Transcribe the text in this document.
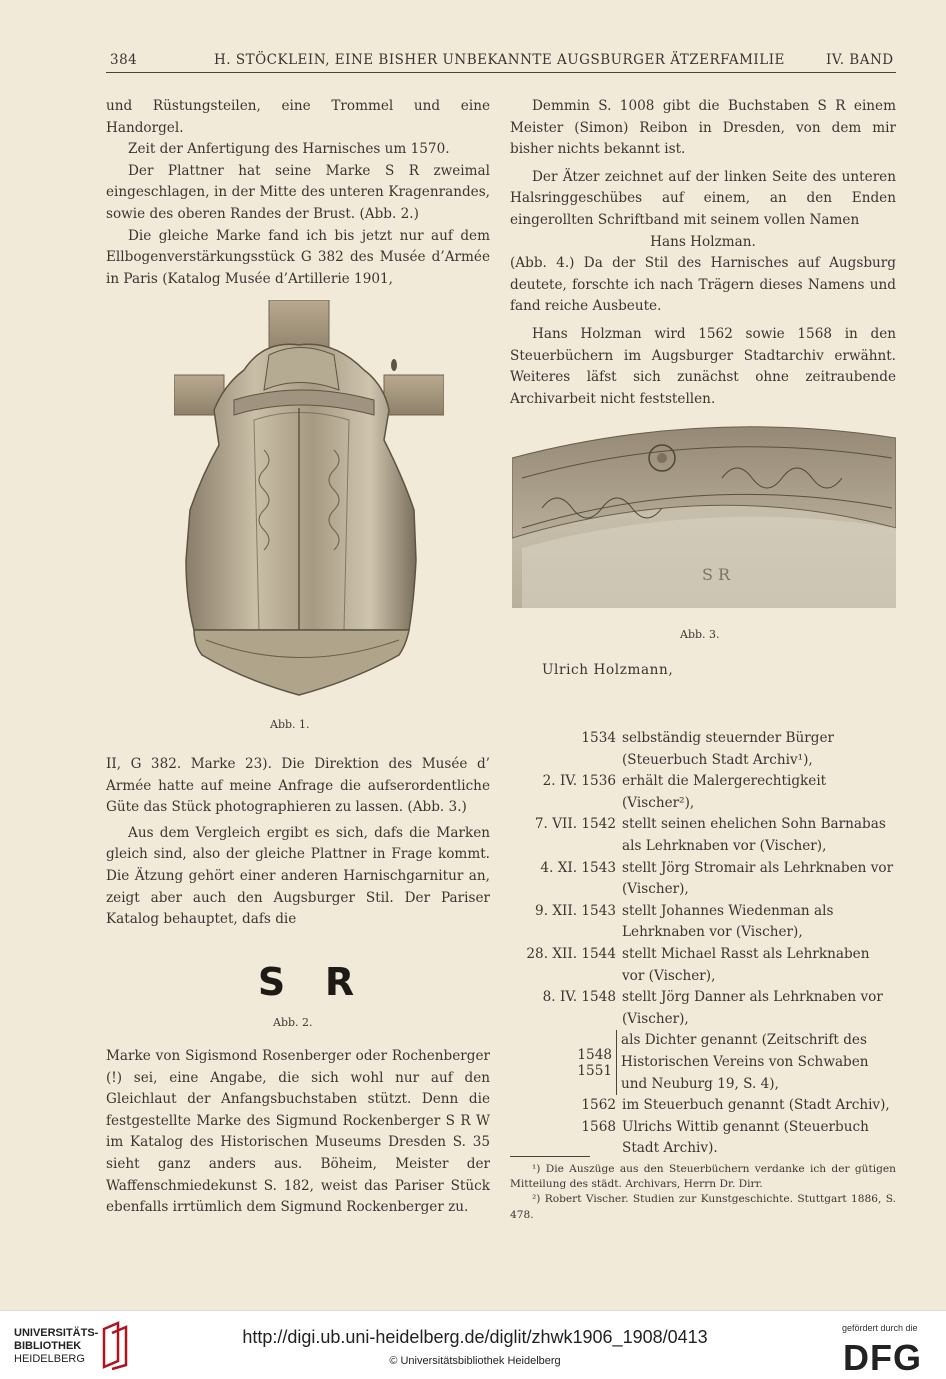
384	H. STÖCKLEIN, EINE BISHER UNBEKANNTE AUGSBURGER ÄTZERFAMILIE	IV. BAND

und Rüstungsteilen, eine Trommel und eine Handorgel.

Zeit der Anfertigung des Harnisches um 1570.

Der Plattner hat seine Marke S R zweimal eingeschlagen, in der Mitte des unteren Kragenrandes, sowie des oberen Randes der Brust. (Abb. 2.)

Die gleiche Marke fand ich bis jetzt nur auf dem Ellbogenverstärkungsstück G 382 des Musée d’Armée in Paris (Katalog Musée d’Artillerie 1901,

Abb. 1.

II, G 382. Marke 23). Die Direktion des Musée d’ Armée hatte auf meine Anfrage die aufserordentliche Güte das Stück photographieren zu lassen. (Abb. 3.)

Aus dem Vergleich ergibt es sich, dafs die Marken gleich sind, also der gleiche Plattner in Frage kommt. Die Ätzung gehört einer anderen Harnischgarnitur an, zeigt aber auch den Augsburger Stil. Der Pariser Katalog behauptet, dafs die

S   R
Abb. 2.

Marke von Sigismond Rosenberger oder Rochenberger (!) sei, eine Angabe, die sich wohl nur auf den Gleichlaut der Anfangsbuchstaben stützt. Denn die festgestellte Marke des Sigmund Rockenberger S R W im Katalog des Historischen Museums Dresden S. 35 sieht ganz anders aus. Böheim, Meister der Waffenschmiedekunst S. 182, weist das Pariser Stück ebenfalls irrtümlich dem Sigmund Rockenberger zu.

Demmin S. 1008 gibt die Buchstaben S R einem Meister (Simon) Reibon in Dresden, von dem mir bisher nichts bekannt ist.

Der Ätzer zeichnet auf der linken Seite des unteren Halsringgeschübes auf einem, an den Enden eingerollten Schriftband mit seinem vollen Namen

Hans Holzman.

(Abb. 4.) Da der Stil des Harnisches auf Augsburg deutete, forschte ich nach Trägern dieses Namens und fand reiche Ausbeute.

Hans Holzman wird 1562 sowie 1568 in den Steuerbüchern im Augsburger Stadtarchiv erwähnt. Weiteres läfst sich zunächst ohne zeitraubende Archivarbeit nicht feststellen.

S R
Abb. 3.
Ulrich Holzmann,
1534 selbständig steuernder Bürger (Steuerbuch Stadt Archiv¹),
2. IV. 1536 erhält die Malergerechtigkeit (Vischer²),
7. VII. 1542 stellt seinen ehelichen Sohn Barnabas als Lehrknaben vor (Vischer),
4. XI. 1543 stellt Jörg Stromair als Lehrknaben vor (Vischer),
9. XII. 1543 stellt Johannes Wiedenman als Lehrknaben vor (Vischer),
28. XII. 1544 stellt Michael Rasst als Lehrknaben vor (Vischer),
8. IV. 1548 stellt Jörg Danner als Lehrknaben vor (Vischer),
1548
1551
als Dichter genannt (Zeitschrift des Historischen Vereins von Schwaben und Neuburg 19, S. 4),
1562 im Steuerbuch genannt (Stadt Archiv),
1568 Ulrichs Wittib genannt (Steuerbuch Stadt Archiv).

¹) Die Auszüge aus den Steuerbüchern verdanke ich der gütigen Mitteilung des städt. Archivars, Herrn Dr. Dirr.

²) Robert Vischer. Studien zur Kunstgeschichte. Stuttgart 1886, S. 478.

UNIVERSITÄTS-
BIBLIOTHEK
HEIDELBERG
http://digi.ub.uni-heidelberg.de/diglit/zhwk1906_1908/0413
© Universitätsbibliothek Heidelberg
gefördert durch die
DFG
